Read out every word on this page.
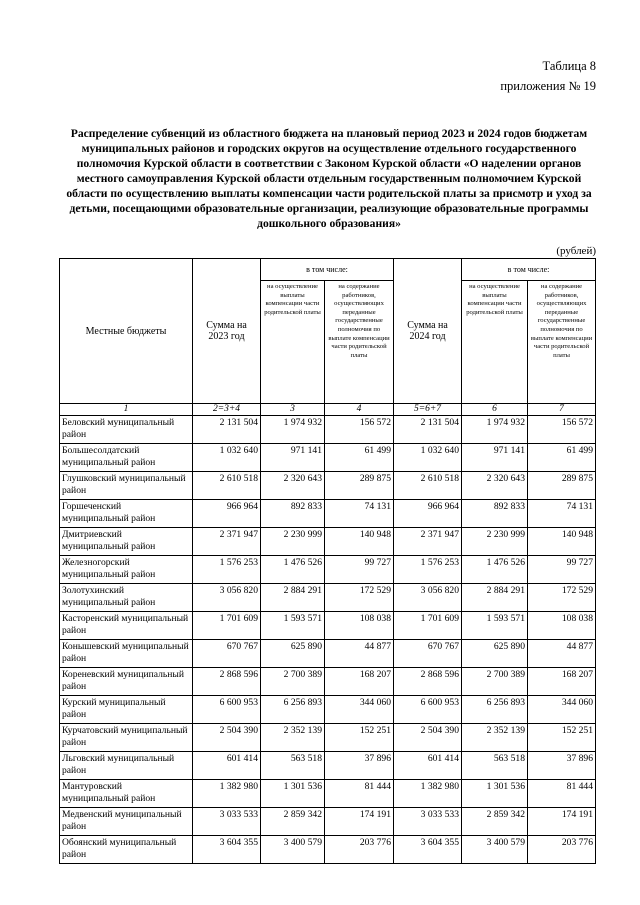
Таблица 8
приложения № 19
Распределение субвенций из областного бюджета на плановый период 2023 и 2024 годов бюджетам муниципальных районов и городских округов на осуществление отдельного государственного полномочия Курской области в соответствии с Законом Курской области «О наделении органов местного самоуправления Курской области отдельным государственным полномочием Курской области по осуществлению выплаты компенсации части родительской платы за присмотр и уход за детьми, посещающими образовательные организации, реализующие образовательные программы дошкольного образования»
(рублей)
Местные бюджеты	Сумма на 2023 год	в том числе:		Сумма на 2024 год	в том числе:	
		на осуществление выплаты компенсации части родительской платы	на содержание работников, осуществляющих переданные государственные полномочия по выплате компенсации части родительской платы		на осуществление выплаты компенсации части родительской платы	на содержание работников, осуществляющих переданные государственные полномочия по выплате компенсации части родительской платы
1	2=3+4	3	4	5=6+7	6	7
Беловский муниципальный район	2 131 504	1 974 932	156 572	2 131 504	1 974 932	156 572
Большесолдатский муниципальный район	1 032 640	971 141	61 499	1 032 640	971 141	61 499
Глушковский муниципальный район	2 610 518	2 320 643	289 875	2 610 518	2 320 643	289 875
Горшеченский муниципальный район	966 964	892 833	74 131	966 964	892 833	74 131
Дмитриевский муниципальный район	2 371 947	2 230 999	140 948	2 371 947	2 230 999	140 948
Железногорский муниципальный район	1 576 253	1 476 526	99 727	1 576 253	1 476 526	99 727
Золотухинский муниципальный район	3 056 820	2 884 291	172 529	3 056 820	2 884 291	172 529
Касторенский муниципальный район	1 701 609	1 593 571	108 038	1 701 609	1 593 571	108 038
Конышевский муниципальный район	670 767	625 890	44 877	670 767	625 890	44 877
Кореневский муниципальный район	2 868 596	2 700 389	168 207	2 868 596	2 700 389	168 207
Курский муниципальный район	6 600 953	6 256 893	344 060	6 600 953	6 256 893	344 060
Курчатовский муниципальный район	2 504 390	2 352 139	152 251	2 504 390	2 352 139	152 251
Льговский муниципальный район	601 414	563 518	37 896	601 414	563 518	37 896
Мантуровский муниципальный район	1 382 980	1 301 536	81 444	1 382 980	1 301 536	81 444
Медвенский муниципальный район	3 033 533	2 859 342	174 191	3 033 533	2 859 342	174 191
Обоянский муниципальный район	3 604 355	3 400 579	203 776	3 604 355	3 400 579	203 776
